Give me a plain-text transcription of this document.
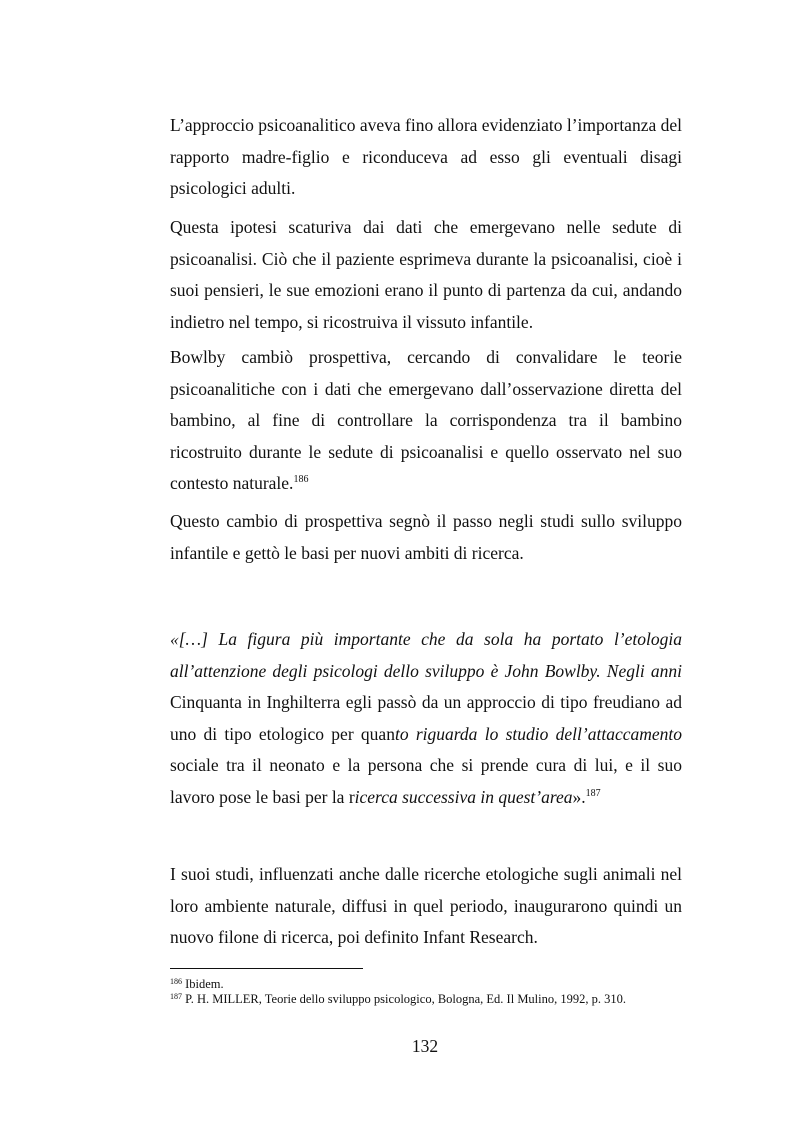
L’approccio psicoanalitico aveva fino allora evidenziato l’importanza del rapporto madre-figlio e riconduceva ad esso gli eventuali disagi psicologici adulti.

Questa ipotesi scaturiva dai dati che emergevano nelle sedute di psicoanalisi. Ciò che il paziente esprimeva durante la psicoanalisi, cioè i suoi pensieri, le sue emozioni erano il punto di partenza da cui, andando indietro nel tempo, si ricostruiva il vissuto infantile.

Bowlby cambiò prospettiva, cercando di convalidare le teorie psicoanalitiche con i dati che emergevano dall’osservazione diretta del bambino, al fine di controllare la corrispondenza tra il bambino ricostruito durante le sedute di psicoanalisi e quello osservato nel suo contesto naturale.$^{186}$

Questo cambio di prospettiva segnò il passo negli studi sullo sviluppo infantile e gettò le basi per nuovi ambiti di ricerca.

«[…] La figura più importante che da sola ha portato l’etologia all’attenzione degli psicologi dello sviluppo è John Bowlby. Negli anni Cinquanta in Inghilterra egli passò da un approccio di tipo freudiano ad uno di tipo etologico per quanto riguarda lo studio dell’attaccamento sociale tra il neonato e la persona che si prende cura di lui, e il suo lavoro pose le basi per la ricerca successiva in quest’area».$^{187}$

I suoi studi, influenzati anche dalle ricerche etologiche sugli animali nel loro ambiente naturale, diffusi in quel periodo, inaugurarono quindi un nuovo filone di ricerca, poi definito Infant Research.

$^{186}$ Ibidem.

$^{187}$ P. H. MILLER, Teorie dello sviluppo psicologico, Bologna, Ed. Il Mulino, 1992, p. 310.

132
